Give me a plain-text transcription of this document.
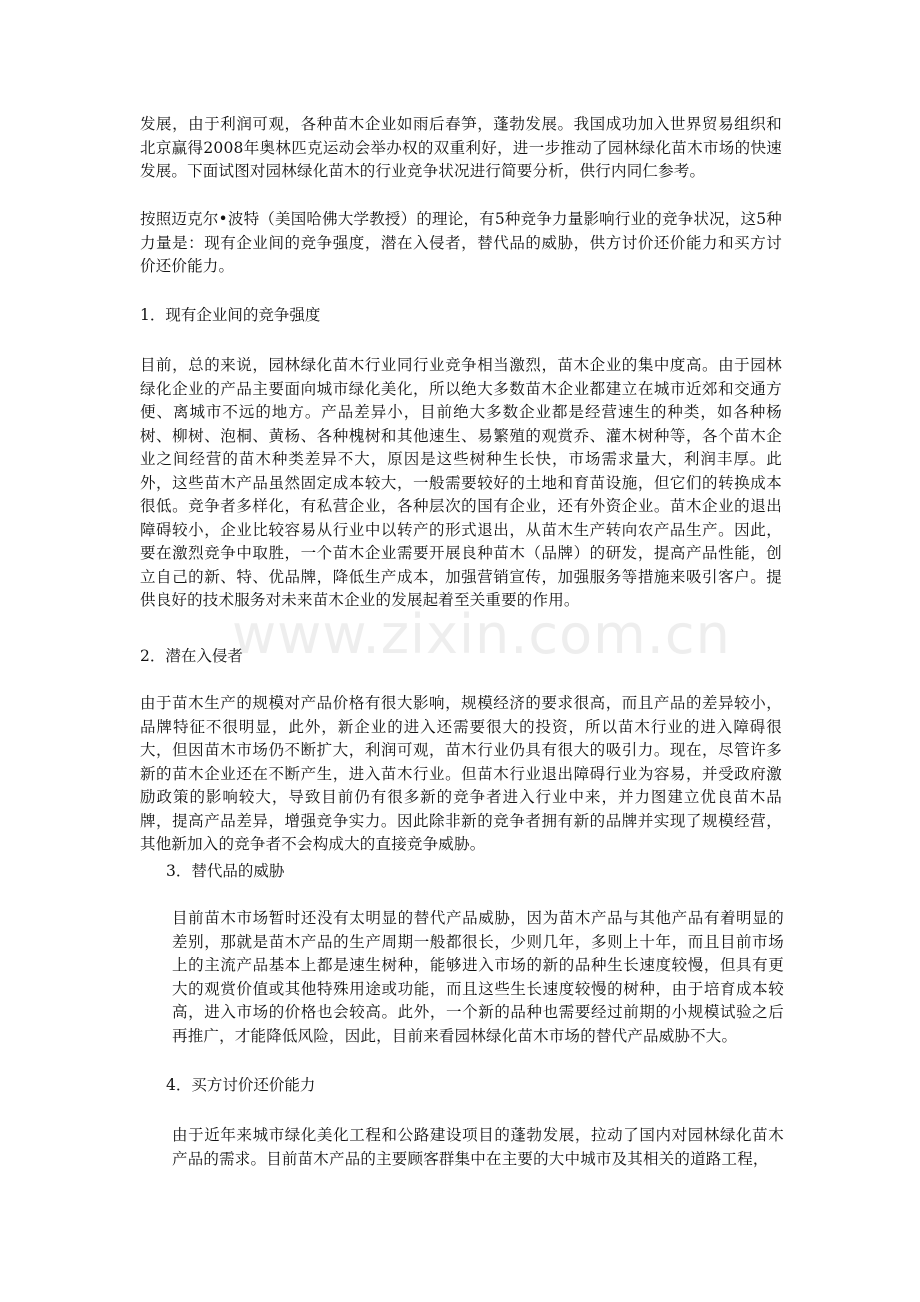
发展，由于利润可观，各种苗木企业如雨后春笋，蓬勃发展。我国成功加入世界贸易组织和北京赢得2008年奥林匹克运动会举办权的双重利好，进一步推动了园林绿化苗木市场的快速发展。下面试图对园林绿化苗木的行业竞争状况进行简要分析，供行内同仁参考。

按照迈克尔•波特（美国哈佛大学教授）的理论，有5种竞争力量影响行业的竞争状况，这5种力量是：现有企业间的竞争强度，潜在入侵者，替代品的威胁，供方讨价还价能力和买方讨价还价能力。

1．现有企业间的竞争强度

目前，总的来说，园林绿化苗木行业同行业竞争相当激烈，苗木企业的集中度高。由于园林绿化企业的产品主要面向城市绿化美化，所以绝大多数苗木企业都建立在城市近郊和交通方便、离城市不远的地方。产品差异小，目前绝大多数企业都是经营速生的种类，如各种杨树、柳树、泡桐、黄杨、各种槐树和其他速生、易繁殖的观赏乔、灌木树种等，各个苗木企业之间经营的苗木种类差异不大，原因是这些树种生长快，市场需求量大，利润丰厚。此外，这些苗木产品虽然固定成本较大，一般需要较好的土地和育苗设施，但它们的转换成本很低。竞争者多样化，有私营企业，各种层次的国有企业，还有外资企业。苗木企业的退出障碍较小，企业比较容易从行业中以转产的形式退出，从苗木生产转向农产品生产。因此，要在激烈竞争中取胜，一个苗木企业需要开展良种苗木（品牌）的研发，提高产品性能，创立自己的新、特、优品牌，降低生产成本，加强营销宣传，加强服务等措施来吸引客户。提供良好的技术服务对未来苗木企业的发展起着至关重要的作用。

www.zixin.com.cn

2．潜在入侵者

由于苗木生产的规模对产品价格有很大影响，规模经济的要求很高，而且产品的差异较小，品牌特征不很明显，此外，新企业的进入还需要很大的投资，所以苗木行业的进入障碍很大，但因苗木市场仍不断扩大，利润可观，苗木行业仍具有很大的吸引力。现在，尽管许多新的苗木企业还在不断产生，进入苗木行业。但苗木行业退出障碍行业为容易，并受政府激励政策的影响较大，导致目前仍有很多新的竞争者进入行业中来，并力图建立优良苗木品牌，提高产品差异，增强竞争实力。因此除非新的竞争者拥有新的品牌并实现了规模经营，其他新加入的竞争者不会构成大的直接竞争威胁。

3．替代品的威胁

目前苗木市场暂时还没有太明显的替代产品威胁，因为苗木产品与其他产品有着明显的差别，那就是苗木产品的生产周期一般都很长，少则几年，多则上十年，而且目前市场上的主流产品基本上都是速生树种，能够进入市场的新的品种生长速度较慢，但具有更大的观赏价值或其他特殊用途或功能，而且这些生长速度较慢的树种，由于培育成本较高，进入市场的价格也会较高。此外，一个新的品种也需要经过前期的小规模试验之后再推广，才能降低风险，因此，目前来看园林绿化苗木市场的替代产品威胁不大。

4．买方讨价还价能力

由于近年来城市绿化美化工程和公路建设项目的蓬勃发展，拉动了国内对园林绿化苗木产品的需求。目前苗木产品的主要顾客群集中在主要的大中城市及其相关的道路工程，
